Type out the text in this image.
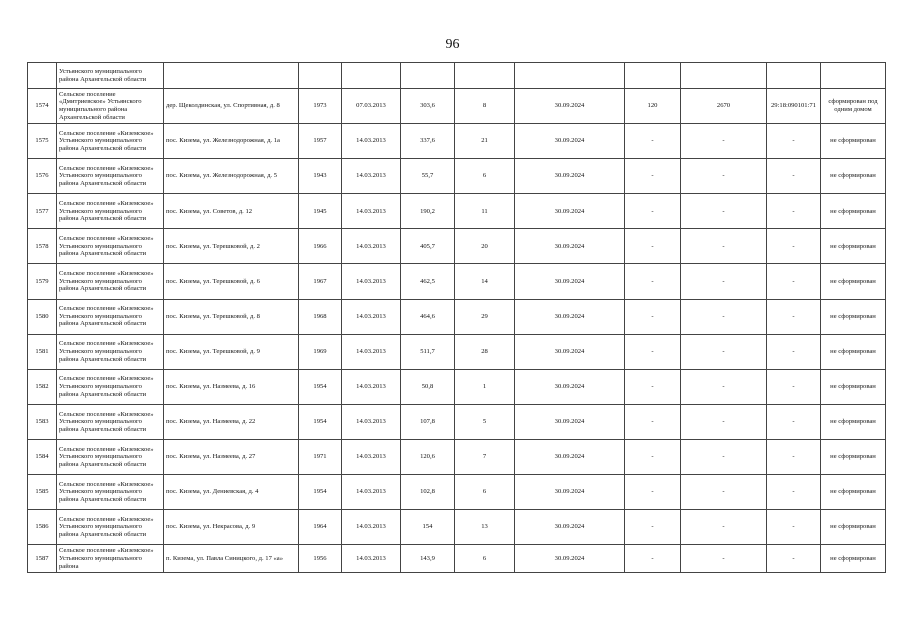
96
	Устьянского муниципального района Архангельской области										
1574	Сельское поселение «Дмитриевское» Устьянского муниципального района Архангельской области	дер. Щеколдинская, ул. Спортивная, д. 8	1973	07.03.2013	303,6	8	30.09.2024	120	2670	29:18:090101:71	сформирован под одним домом
1575	Сельское поселение «Киземское» Устьянского муниципального района Архангельской области	пос. Кизема, ул. Железнодорожная, д. 1а	1957	14.03.2013	337,6	21	30.09.2024	-	-	-	не сформирован
1576	Сельское поселение «Киземское» Устьянского муниципального района Архангельской области	пос. Кизема, ул. Железнодорожная, д. 5	1943	14.03.2013	55,7	6	30.09.2024	-	-	-	не сформирован
1577	Сельское поселение «Киземское» Устьянского муниципального района Архангельской области	пос. Кизема, ул. Советов, д. 12	1945	14.03.2013	190,2	11	30.09.2024	-	-	-	не сформирован
1578	Сельское поселение «Киземское» Устьянского муниципального района Архангельской области	пос. Кизема, ул. Терешковой, д. 2	1966	14.03.2013	405,7	20	30.09.2024	-	-	-	не сформирован
1579	Сельское поселение «Киземское» Устьянского муниципального района Архангельской области	пос. Кизема, ул. Терешковой, д. 6	1967	14.03.2013	462,5	14	30.09.2024	-	-	-	не сформирован
1580	Сельское поселение «Киземское» Устьянского муниципального района Архангельской области	пос. Кизема, ул. Терешковой, д. 8	1968	14.03.2013	464,6	29	30.09.2024	-	-	-	не сформирован
1581	Сельское поселение «Киземское» Устьянского муниципального района Архангельской области	пос. Кизема, ул. Терешковой, д. 9	1969	14.03.2013	511,7	28	30.09.2024	-	-	-	не сформирован
1582	Сельское поселение «Киземское» Устьянского муниципального района Архангельской области	пос. Кизема, ул. Назмеева, д. 16	1954	14.03.2013	50,8	1	30.09.2024	-	-	-	не сформирован
1583	Сельское поселение «Киземское» Устьянского муниципального района Архангельской области	пос. Кизема, ул. Назмеева, д. 22	1954	14.03.2013	107,8	5	30.09.2024	-	-	-	не сформирован
1584	Сельское поселение «Киземское» Устьянского муниципального района Архангельской области	пос. Кизема, ул. Назмеева, д. 27	1971	14.03.2013	120,6	7	30.09.2024	-	-	-	не сформирован
1585	Сельское поселение «Киземское» Устьянского муниципального района Архангельской области	пос. Кизема, ул. Дениевская, д. 4	1954	14.03.2013	102,8	6	30.09.2024	-	-	-	не сформирован
1586	Сельское поселение «Киземское» Устьянского муниципального района Архангельской области	пос. Кизема, ул. Некрасова, д. 9	1964	14.03.2013	154	13	30.09.2024	-	-	-	не сформирован
1587	Сельское поселение «Киземское» Устьянского муниципального района	п. Кизема, ул. Павла Синицкого, д. 17 «а»	1956	14.03.2013	143,9	6	30.09.2024	-	-	-	не сформирован
